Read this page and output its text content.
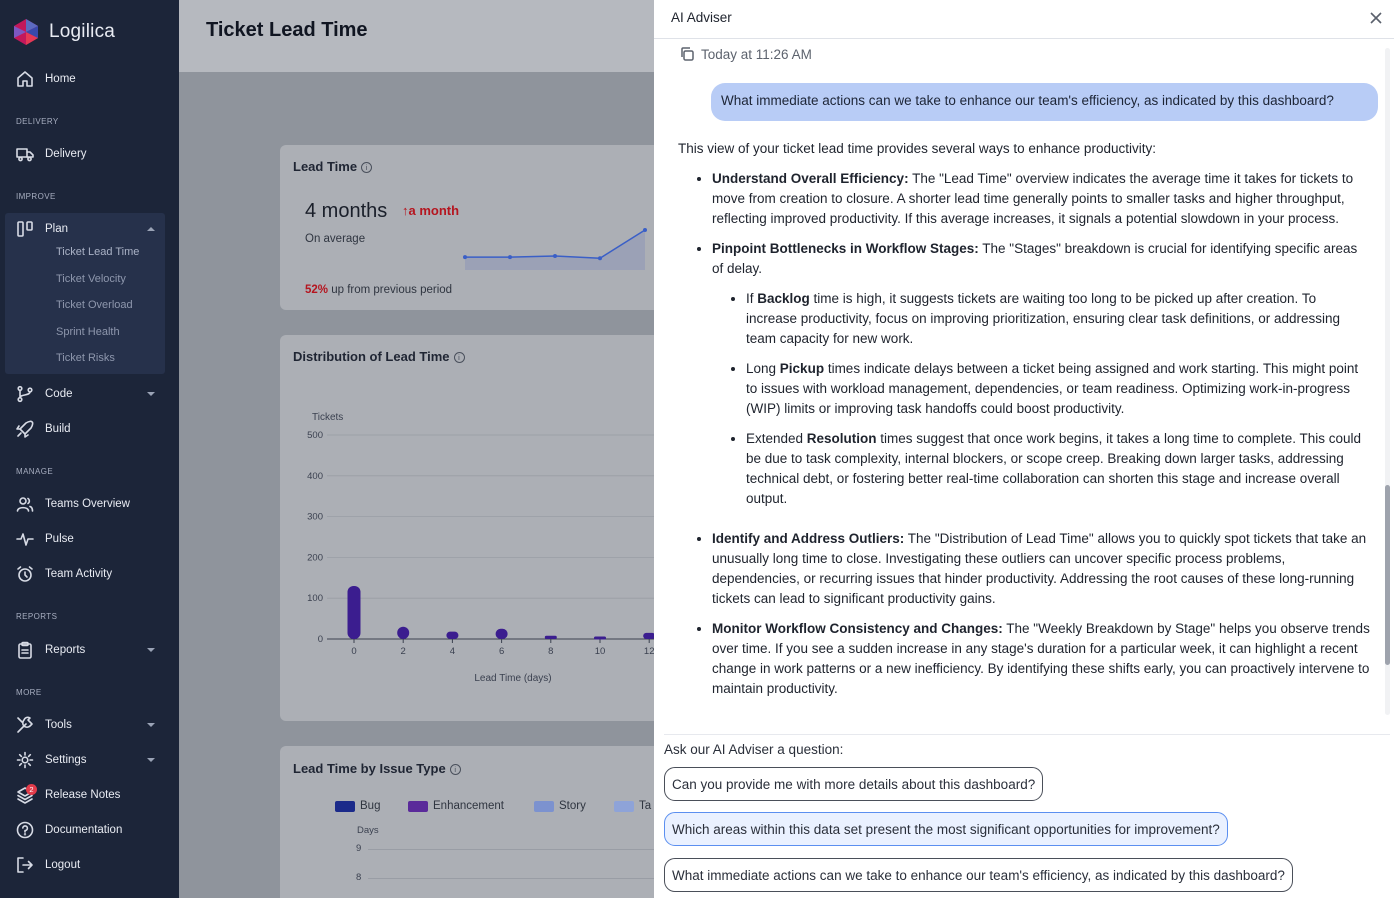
Logilica
Home
DELIVERY
Delivery
IMPROVE
Plan
Ticket Lead Time
Ticket Velocity
Ticket Overload
Sprint Health
Ticket Risks
Code
Build
MANAGE
Teams Overview
Pulse
Team Activity
REPORTS
Reports
MORE
Tools
Settings
Release Notes
2
Documentation
Logout
Ticket Lead Time
Lead Time i
4 months ↑a month
On average
52% up from previous period
Distribution of Lead Time i
Tickets
0
100
200
300
400
500
0	2	4	6	8	10	12
Lead Time (days)
Lead Time by Issue Type i
Bug	Enhancement	Story	Ta
Days
9
8
AI Adviser
Today at 11:26 AM
What immediate actions can we take to enhance our team's efficiency, as indicated by this dashboard?

This view of your ticket lead time provides several ways to enhance productivity:

• Understand Overall Efficiency: The "Lead Time" overview indicates the average time it takes for tickets to move from creation to closure. A shorter lead time generally points to smaller tasks and higher throughput, reflecting improved productivity. If this average increases, it signals a potential slowdown in your process.
• Pinpoint Bottlenecks in Workflow Stages: The "Stages" breakdown is crucial for identifying specific areas of delay.
• If Backlog time is high, it suggests tickets are waiting too long to be picked up after creation. To increase productivity, focus on improving prioritization, ensuring clear task definitions, or addressing team capacity for new work.
• Long Pickup times indicate delays between a ticket being assigned and work starting. This might point to issues with workload management, dependencies, or team readiness. Optimizing work-in-progress (WIP) limits or improving task handoffs could boost productivity.
• Extended Resolution times suggest that once work begins, it takes a long time to complete. This could be due to task complexity, internal blockers, or scope creep. Breaking down larger tasks, addressing technical debt, or fostering better real-time collaboration can shorten this stage and increase overall output.
• Identify and Address Outliers: The "Distribution of Lead Time" allows you to quickly spot tickets that take an unusually long time to close. Investigating these outliers can uncover specific process problems, dependencies, or recurring issues that hinder productivity. Addressing the root causes of these long-running tickets can lead to significant productivity gains.
• Monitor Workflow Consistency and Changes: The "Weekly Breakdown by Stage" helps you observe trends over time. If you see a sudden increase in any stage's duration for a particular week, it can highlight a recent change in work patterns or a new inefficiency. By identifying these shifts early, you can proactively intervene to maintain productivity.
Ask our AI Adviser a question:
Can you provide me with more details about this dashboard?
Which areas within this data set present the most significant opportunities for improvement?
What immediate actions can we take to enhance our team's efficiency, as indicated by this dashboard?
